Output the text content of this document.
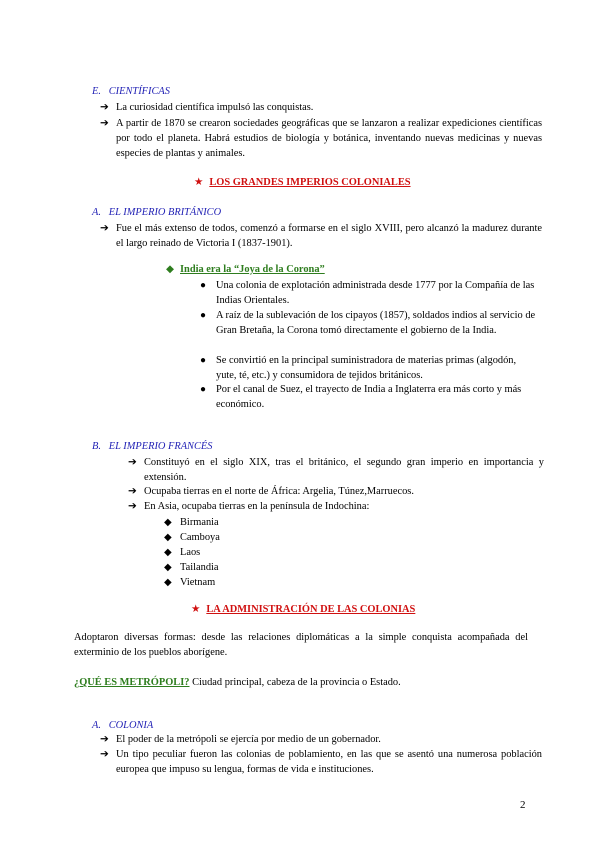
E. CIENTÍFICAS
➔ La curiosidad científica impulsó las conquistas.
➔ A partir de 1870 se crearon sociedades geográficas que se lanzaron a realizar expediciones científicas por todo el planeta. Habrá estudios de biología y botánica, inventando nuevas medicinas y nuevas especies de plantas y animales.
★ LOS GRANDES IMPERIOS COLONIALES
A. EL IMPERIO BRITÁNICO
➔ Fue el más extenso de todos, comenzó a formarse en el siglo XVIII, pero alcanzó la madurez durante el largo reinado de Victoria I (1837-1901).
◆ India era la “Joya de la Corona”
● Una colonia de explotación administrada desde 1777 por la Compañía de las Indias Orientales.
● A raíz de la sublevación de los cipayos (1857), soldados indios al servicio de Gran Bretaña, la Corona tomó directamente el gobierno de la India.
● Se convirtió en la principal suministradora de materias primas (algodón, yute, té, etc.) y consumidora de tejidos británicos.
● Por el canal de Suez, el trayecto de India a Inglaterra era más corto y más económico.
B. EL IMPERIO FRANCÉS
➔ Constituyó en el siglo XIX, tras el británico, el segundo gran imperio en importancia y extensión.
➔ Ocupaba tierras en el norte de África: Argelia, Túnez,Marruecos.
➔ En Asia, ocupaba tierras en la península de Indochina:
◆ Birmania
◆ Camboya
◆ Laos
◆ Tailandia
◆ Vietnam
★ LA ADMINISTRACIÓN DE LAS COLONIAS
Adoptaron diversas formas: desde las relaciones diplomáticas a la simple conquista acompañada del exterminio de los pueblos aborígene.
¿QUÉ ES METRÓPOLI? Ciudad principal, cabeza de la provincia o Estado.
A. COLONIA
➔ El poder de la metrópoli se ejercía por medio de un gobernador.
➔ Un tipo peculiar fueron las colonias de poblamiento, en las que se asentó una numerosa población europea que impuso su lengua, formas de vida e instituciones.
2
